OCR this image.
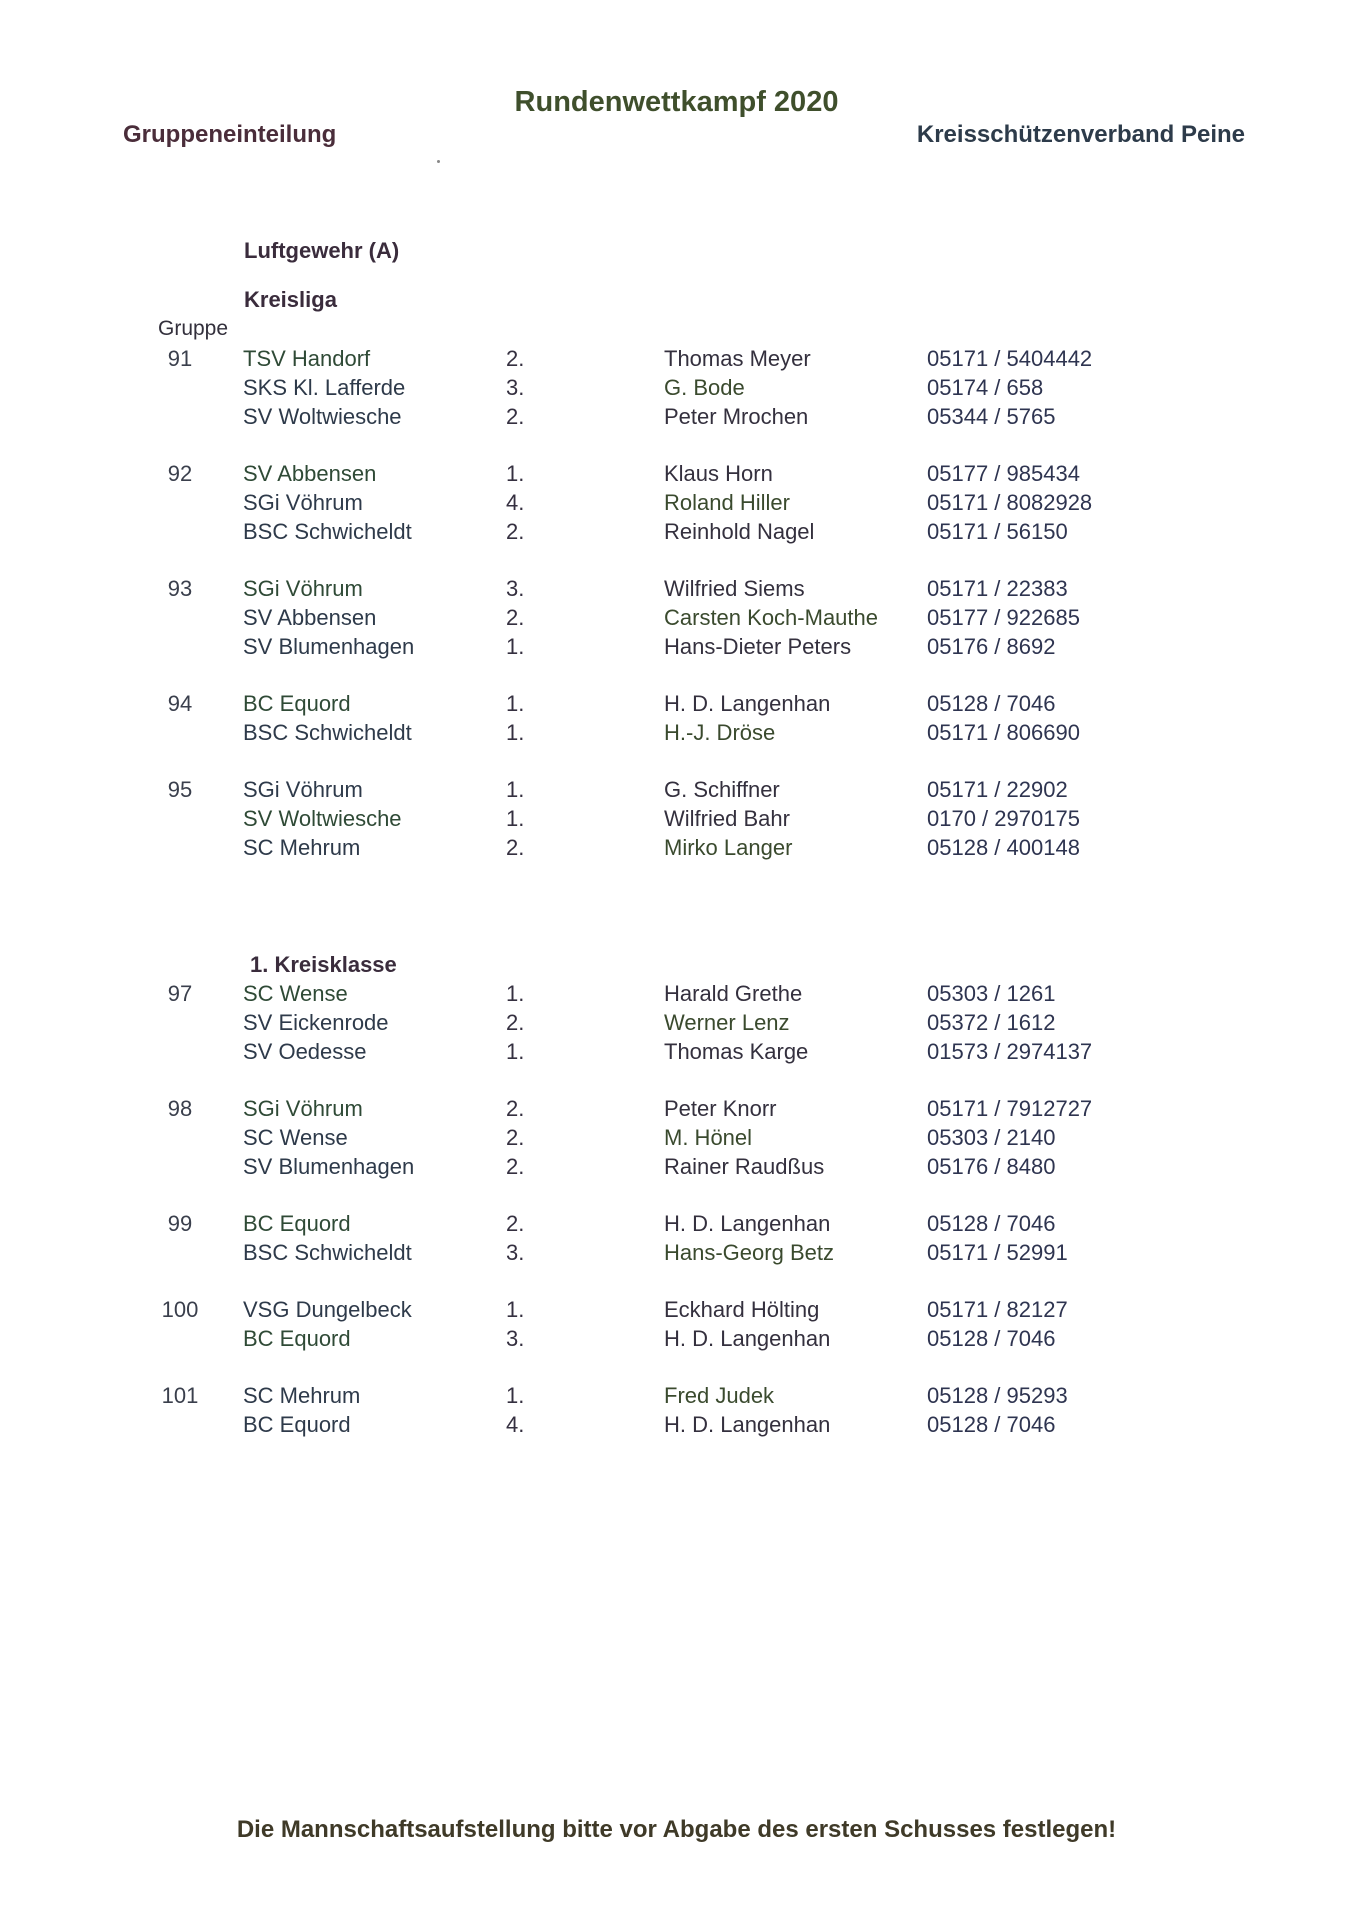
Rundenwettkampf 2020
Gruppeneinteilung	Kreisschützenverband Peine
Luftgewehr (A)
Kreisliga
Gruppe
91	TSV Handorf	2.	Thomas Meyer	05171 / 5404442
SKS Kl. Lafferde	3.	G. Bode	05174 / 658
SV Woltwiesche	2.	Peter Mrochen	05344 / 5765
92	SV Abbensen	1.	Klaus Horn	05177 / 985434
SGi Vöhrum	4.	Roland Hiller	05171 / 8082928
BSC Schwicheldt	2.	Reinhold Nagel	05171 / 56150
93	SGi Vöhrum	3.	Wilfried Siems	05171 / 22383
SV Abbensen	2.	Carsten Koch-Mauthe 05177 / 922685
SV Blumenhagen	1.	Hans-Dieter Peters	05176 / 8692
94	BC Equord	1.	H. D. Langenhan	05128 / 7046
BSC Schwicheldt	1.	H.-J. Dröse	05171 / 806690
95	SGi Vöhrum	1.	G. Schiffner	05171 / 22902
SV Woltwiesche	1.	Wilfried Bahr	0170 / 2970175
SC Mehrum	2.	Mirko Langer	05128 / 400148
1. Kreisklasse
97	SC Wense	1.	Harald Grethe	05303 / 1261
SV Eickenrode	2.	Werner Lenz	05372 / 1612
SV Oedesse	1.	Thomas Karge	01573 / 2974137
98	SGi Vöhrum	2.	Peter Knorr	05171 / 7912727
SC Wense	2.	M. Hönel	05303 / 2140
SV Blumenhagen	2.	Rainer Raudßus	05176 / 8480
99	BC Equord	2.	H. D. Langenhan	05128 / 7046
BSC Schwicheldt	3.	Hans-Georg Betz	05171 / 52991
100	VSG Dungelbeck	1.	Eckhard Hölting	05171 / 82127
BC Equord	3.	H. D. Langenhan	05128 / 7046
101	SC Mehrum	1.	Fred Judek	05128 / 95293
BC Equord	4.	H. D. Langenhan	05128 / 7046
Die Mannschaftsaufstellung bitte vor Abgabe des ersten Schusses festlegen!
